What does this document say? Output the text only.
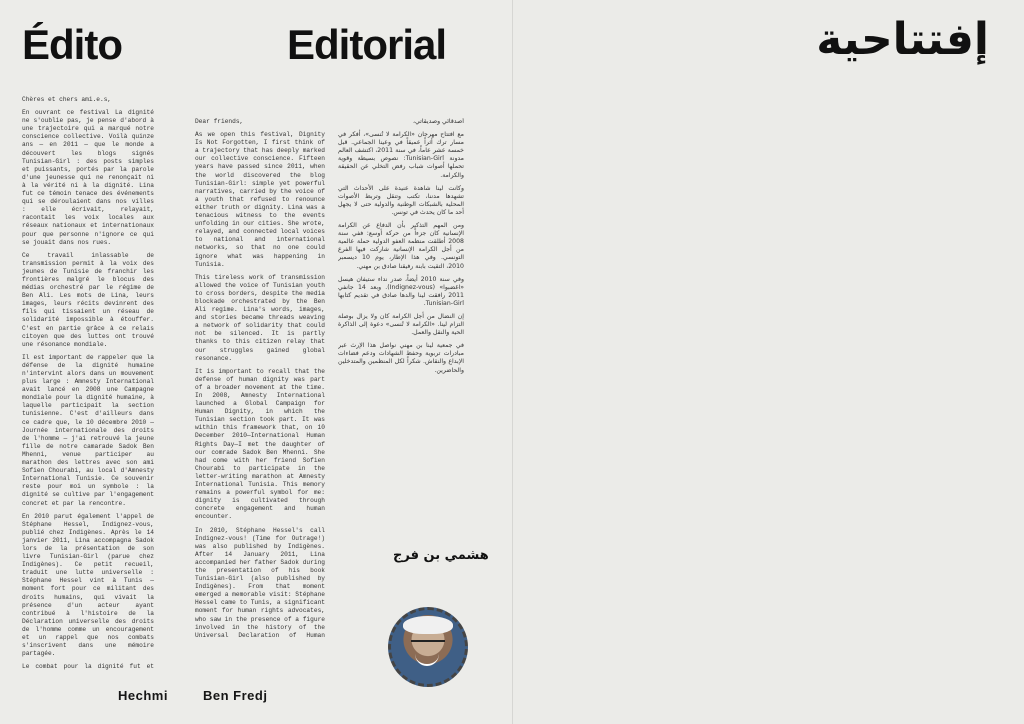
Édito	Editorial

Chères et chers ami.e.s,

En ouvrant ce festival La dignité ne s'oublie pas, je pense d'abord à une trajectoire qui a marqué notre conscience collective. Voilà quinze ans — en 2011 — que le monde a découvert les blogs signés Tunisian-Girl : des posts simples et puissants, portés par la parole d'une jeunesse qui ne renonçait ni à la vérité ni à la dignité. Lina fut ce témoin tenace des événements qui se déroulaient dans nos villes : elle écrivait, relayait, racontait les voix locales aux réseaux nationaux et internationaux pour que personne n'ignore ce qui se jouait dans nos rues.

Ce travail inlassable de transmission permit à la voix des jeunes de Tunisie de franchir les frontières malgré le blocus des médias orchestré par le régime de Ben Ali. Les mots de Lina, leurs images, leurs récits devinrent des fils qui tissaient un réseau de solidarité impossible à étouffer. C'est en partie grâce à ce relais citoyen que des luttes ont trouvé une résonance mondiale.

Il est important de rappeler que la défense de la dignité humaine n'intervint alors dans un mouvement plus large : Amnesty International avait lancé en 2008 une Campagne mondiale pour la dignité humaine, à laquelle participait la section tunisienne. C'est d'ailleurs dans ce cadre que, le 10 décembre 2010 — Journée internationale des droits de l'homme — j'ai retrouvé la jeune fille de notre camarade Sadok Ben Mhenni, venue participer au marathon des lettres avec son ami Sofien Chourabi, au local d'Amnesty International Tunisie. Ce souvenir reste pour moi un symbole : la dignité se cultive par l'engagement concret et par la rencontre.

En 2010 parut également l'appel de Stéphane Hessel, Indignez-vous, publié chez Indigènes. Après le 14 janvier 2011, Lina accompagna Sadok lors de la présentation de son livre Tunisian-Girl (parue chez Indigènes). Ce petit recueil, traduit une lutte universelle : Stéphane Hessel vint à Tunis — moment fort pour ce militant des droits humains, qui vivait la présence d'un acteur ayant contribué à l'histoire de la Déclaration universelle des droits de l'homme comme un encouragement et un rappel que nos combats s'inscrivent dans une mémoire partagée.

Le combat pour la dignité fut et

Dear friends,

As we open this festival, Dignity Is Not Forgotten, I first think of a trajectory that has deeply marked our collective conscience. Fifteen years have passed since 2011, when the world discovered the blog Tunisian-Girl: simple yet powerful narratives, carried by the voice of a youth that refused to renounce either truth or dignity. Lina was a tenacious witness to the events unfolding in our cities. She wrote, relayed, and connected local voices to national and international networks, so that no one could ignore what was happening in Tunisia.

This tireless work of transmission allowed the voice of Tunisian youth to cross borders, despite the media blockade orchestrated by the Ben Ali regime. Lina's words, images, and stories became threads weaving a network of solidarity that could not be silenced. It is partly thanks to this citizen relay that our struggles gained global resonance.

It is important to recall that the defense of human dignity was part of a broader movement at the time. In 2008, Amnesty International launched a Global Campaign for Human Dignity, in which the Tunisian section took part. It was within this framework that, on 10 December 2010—International Human Rights Day—I met the daughter of our comrade Sadok Ben Mhenni. She had come with her friend Sofien Chourabi to participate in the letter-writing marathon at Amnesty International Tunisia. This memory remains a powerful symbol for me: dignity is cultivated through concrete engagement and human encounter.

In 2010, Stéphane Hessel's call Indignez-vous! (Time for Outrage!) was also published by Indigènes. After 14 January 2011, Lina accompanied her father Sadok during the presentation of his book Tunisian-Girl (also published by Indigènes). From that moment emerged a memorable visit: Stéphane Hessel came to Tunis, a significant moment for human rights advocates, who saw in the presence of a figure involved in the history of the Universal Declaration of Human

أصدقائي وصديقاتي،

مع افتتاح مهرجان «الكرامة لا تُنسى»، أفكر في مسار ترك أثراً عميقاً في وعينا الجماعي. قبل خمسة عشر عاماً، في سنة 2011، اكتشف العالم مدونة Tunisian-Girl: نصوص بسيطة وقوية تحملها أصوات شباب رفض التخلي عن الحقيقة والكرامة.

وكانت لينا شاهدة عنيدة على الأحداث التي تشهدها مدننا، تكتب وتنقل وتربط الأصوات المحلية بالشبكات الوطنية والدولية حتى لا يجهل أحد ما كان يحدث في تونس.

ومن المهم التذكير بأن الدفاع عن الكرامة الإنسانية كان جزءاً من حركة أوسع: ففي سنة 2008 أطلقت منظمة العفو الدولية حملة عالمية من أجل الكرامة الإنسانية شاركت فيها الفرع التونسي. وفي هذا الإطار، يوم 10 ديسمبر 2010، التقيت بابنة رفيقنا صادق بن مهني.

وفي سنة 2010 أيضاً، صدر نداء ستيفان هيسل «اغضبوا» (Indignez-vous). وبعد 14 جانفي 2011 رافقت لينا والدها صادق في تقديم كتابها Tunisian-Girl.

إن النضال من أجل الكرامة كان ولا يزال بوصلة التزام لينا. «الكرامة لا تُنسى» دعوة إلى الذاكرة الحية والنقل والعمل.

في جمعية لينا بن مهني نواصل هذا الإرث عبر مبادرات تربوية وحفظ الشهادات ودعم فضاءات الإبداع والنقاش. شكراً لكل المنظمين والمتدخلين والحاضرين.

هشمي بن فرج
Hechmi	Ben Fredj
إفتتاحية
